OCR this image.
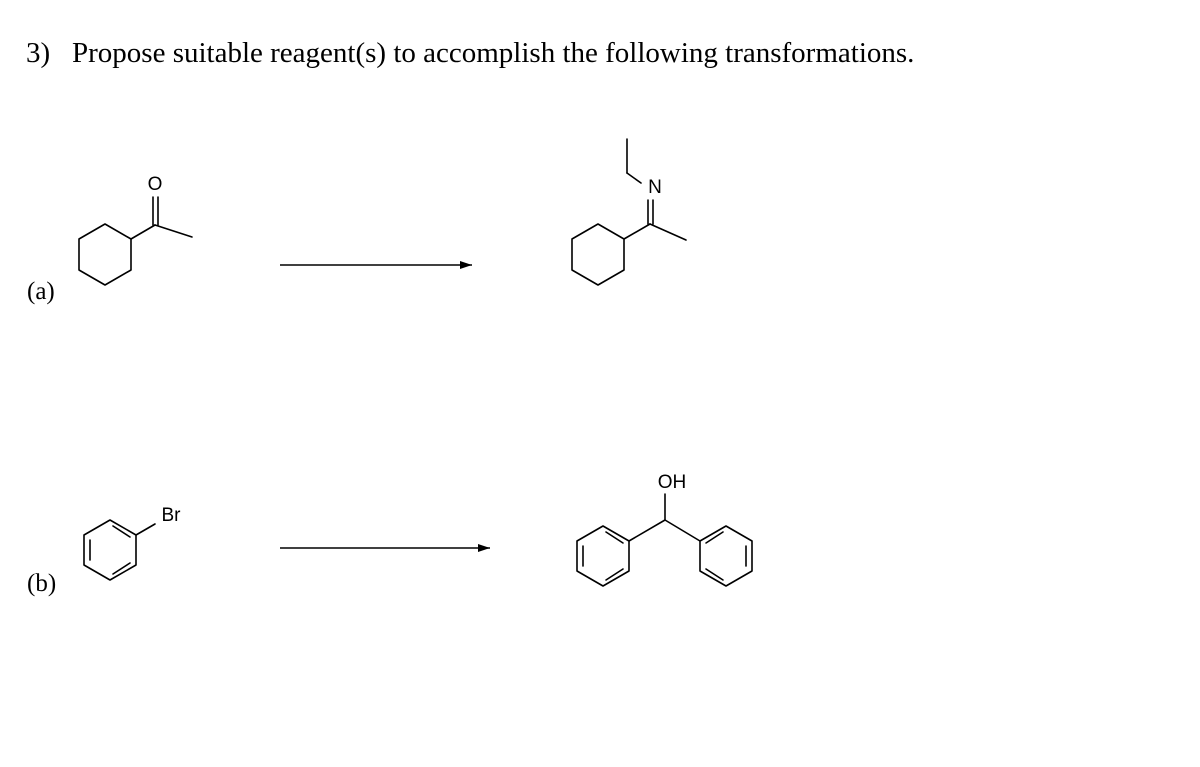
3) Propose suitable reagent(s) to accomplish the following transformations.
(a)
(b)
O	N
Br
OH
